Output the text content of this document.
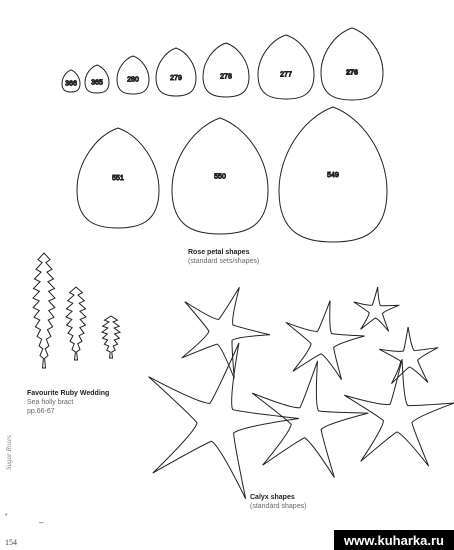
366 365	280	279	278	277	276
551	550	549
Rose petal shapes
(standard sets/shapes)
Favourite Ruby Wedding
Sea holly bract
pp.66-67
Calyx shapes
(standard shapes)
Sugar Roses
•
–
154	www.kuharka.ru
